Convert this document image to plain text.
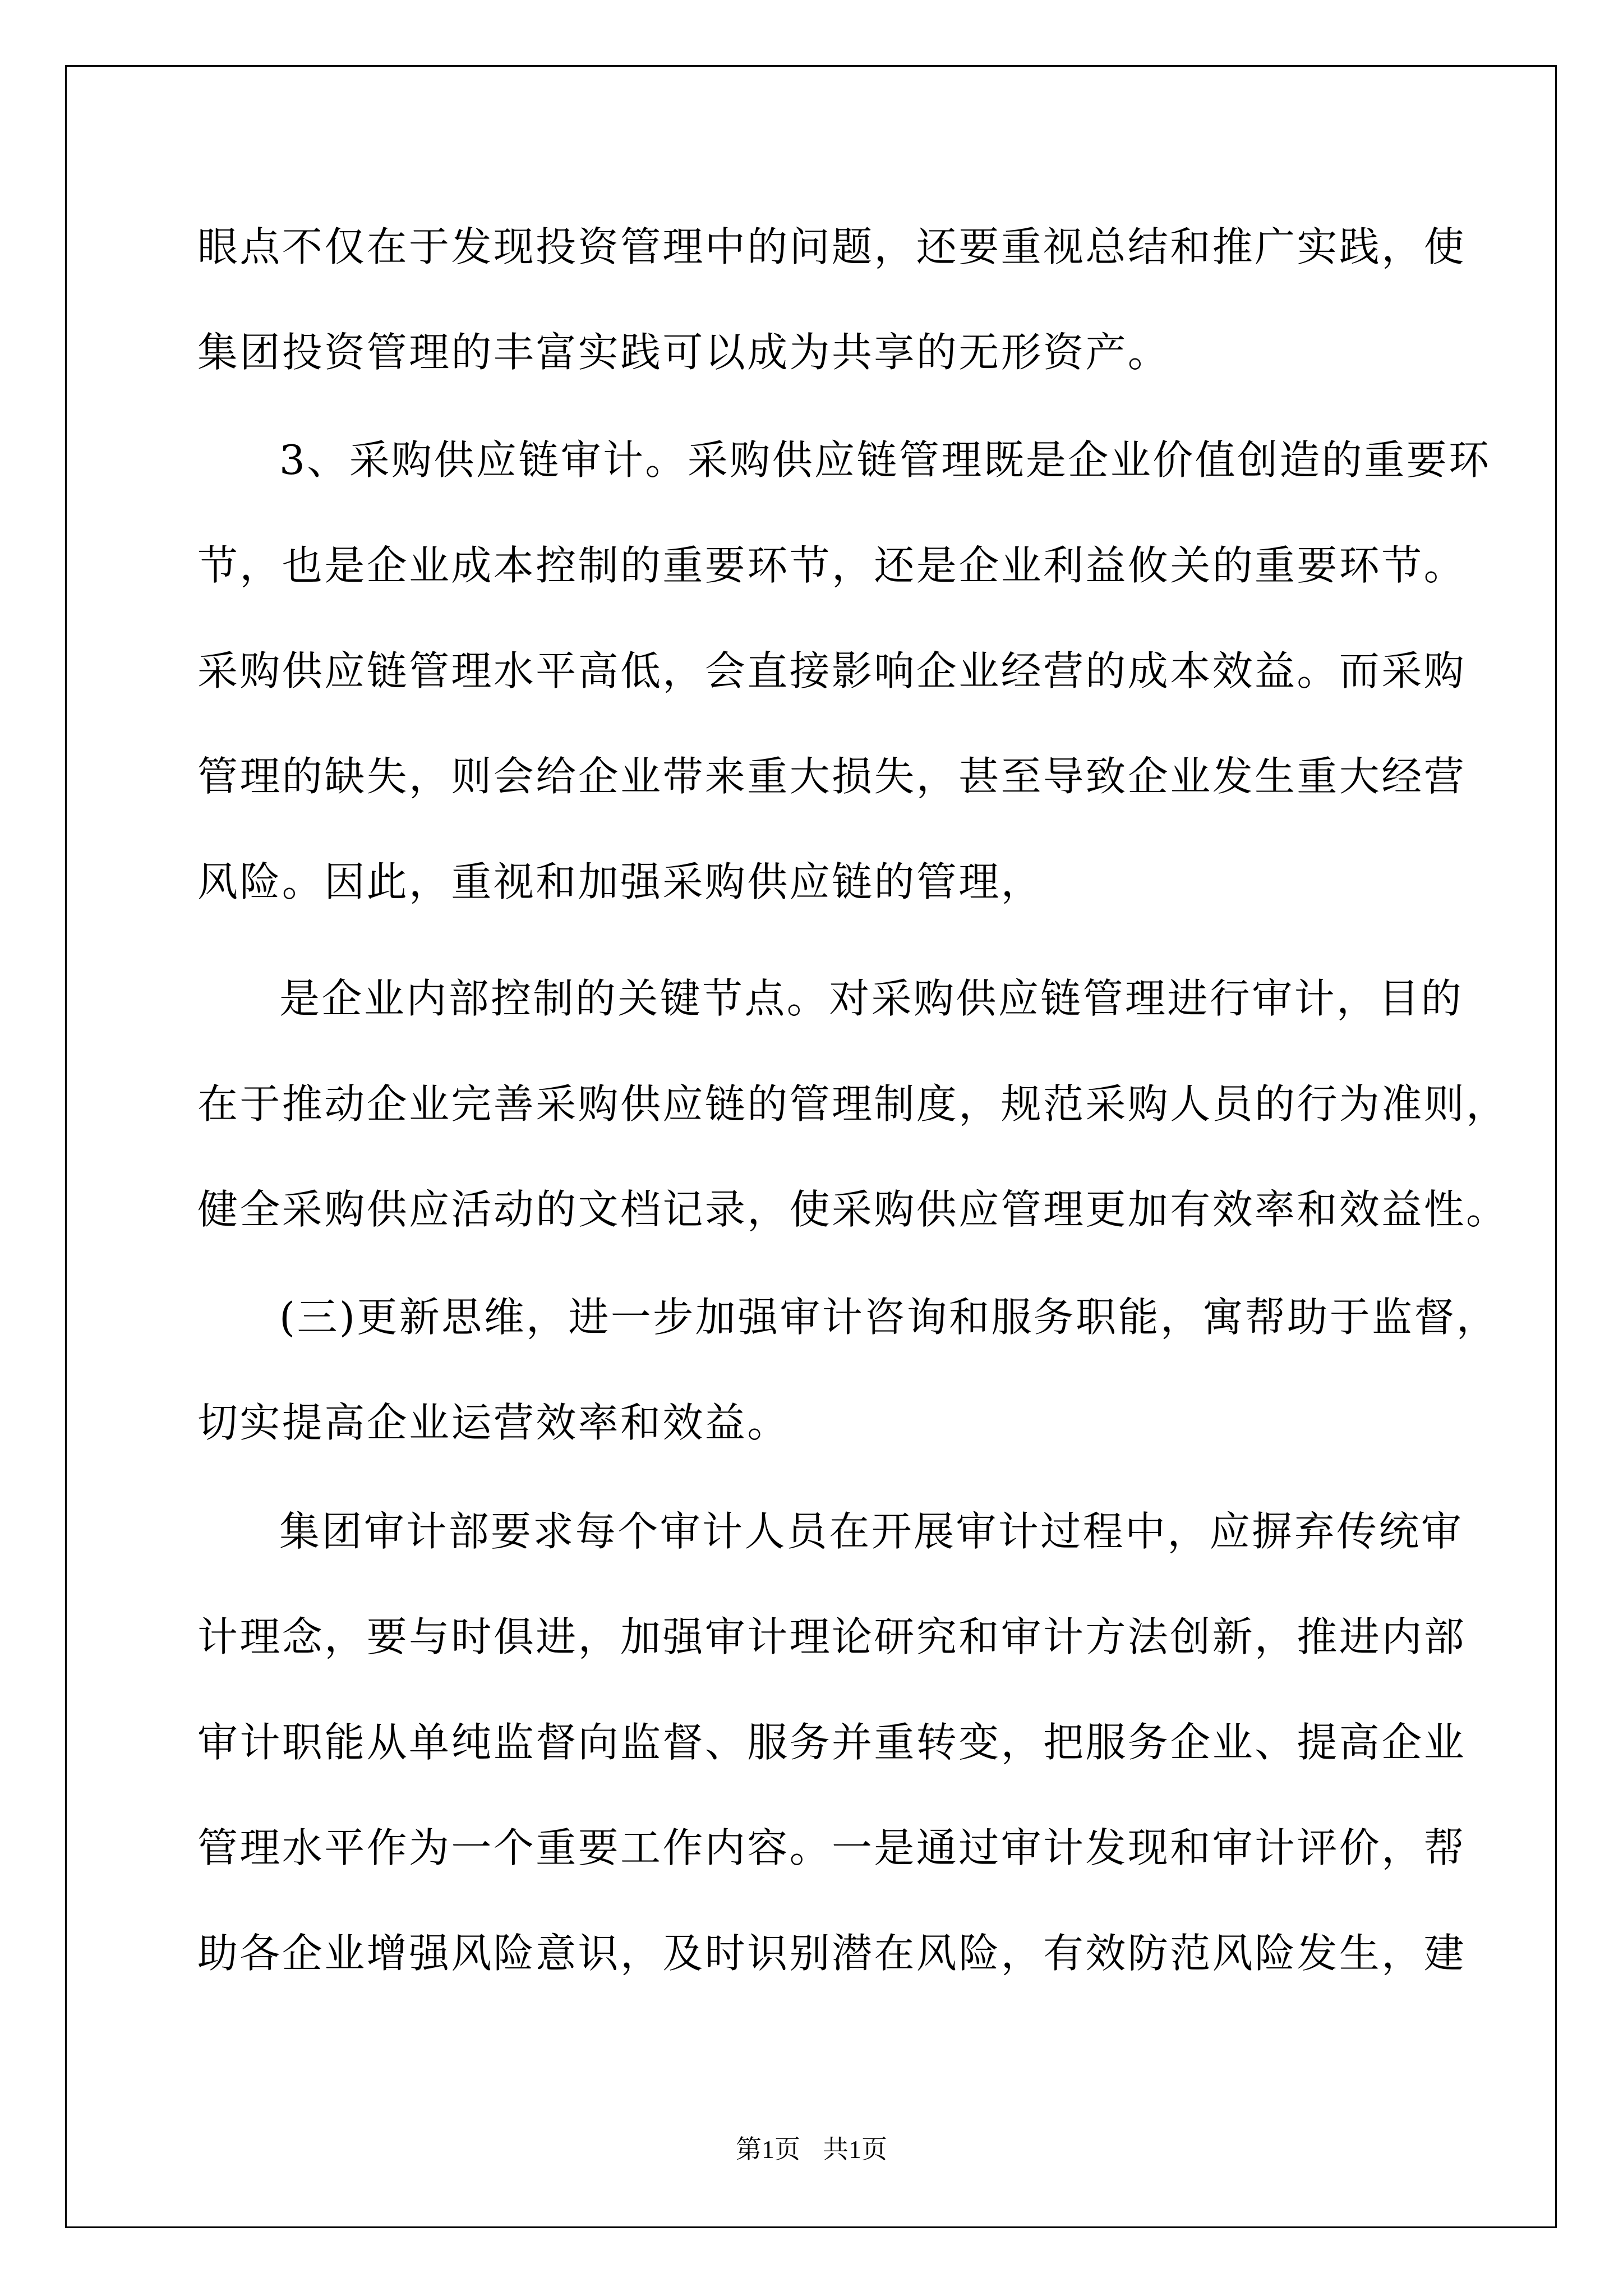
眼点不仅在于发现投资管理中的问题，还要重视总结和推广实践，使
集团投资管理的丰富实践可以成为共享的无形资产。
3、采购供应链审计。采购供应链管理既是企业价值创造的重要环
节，也是企业成本控制的重要环节，还是企业利益攸关的重要环节。
采购供应链管理水平高低，会直接影响企业经营的成本效益。而采购
管理的缺失，则会给企业带来重大损失，甚至导致企业发生重大经营
风险。因此，重视和加强采购供应链的管理，
是企业内部控制的关键节点。对采购供应链管理进行审计，目的
在于推动企业完善采购供应链的管理制度，规范采购人员的行为准则，
健全采购供应活动的文档记录，使采购供应管理更加有效率和效益性。
(三)更新思维，进一步加强审计咨询和服务职能，寓帮助于监督，
切实提高企业运营效率和效益。
集团审计部要求每个审计人员在开展审计过程中，应摒弃传统审
计理念，要与时俱进，加强审计理论研究和审计方法创新，推进内部
审计职能从单纯监督向监督、服务并重转变，把服务企业、提高企业
管理水平作为一个重要工作内容。一是通过审计发现和审计评价，帮
助各企业增强风险意识，及时识别潜在风险，有效防范风险发生，建
第1页 共1页
